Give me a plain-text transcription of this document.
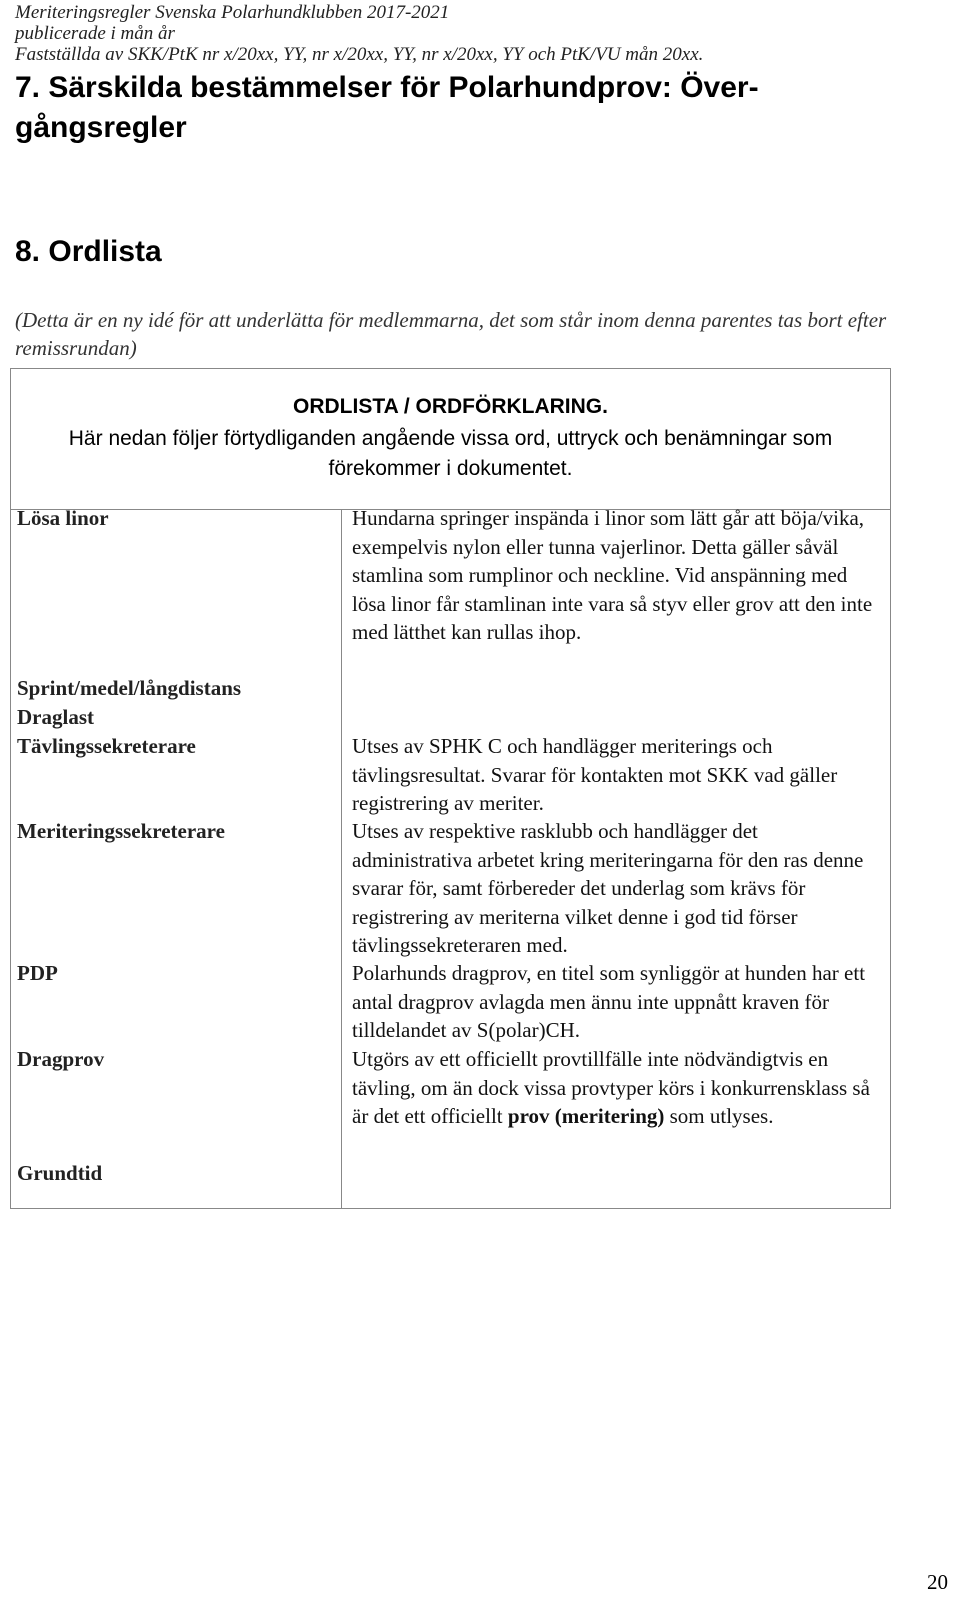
Meriteringsregler Svenska Polarhundklubben 2017-2021
publicerade i mån år
Fastställda av SKK/PtK nr x/20xx, YY, nr x/20xx, YY, nr x/20xx, YY och PtK/VU mån 20xx.
7. Särskilda bestämmelser för Polarhundprov: Över-gångsregler
8. Ordlista
(Detta är en ny idé för att underlätta för medlemmarna, det som står inom denna parentes tas bort efter remissrundan)
ORDLISTA / ORDFÖRKLARING.
Här nedan följer förtydliganden angående vissa ord, uttryck och benämningar som
förekommer i dokumentet.
Lösa linor
Sprint/medel/långdistans
Draglast
Tävlingssekreterare
Meriteringssekreterare
PDP
Dragprov
Grundtid
Hundarna springer inspända i linor som lätt går att böja/vika, exempelvis nylon eller tunna vajerlinor. Detta gäller såväl stamlina som rumplinor och neckline. Vid anspänning med lösa linor får stamlinan inte vara så styv eller grov att den inte med lätthet kan rullas ihop.
Utses av SPHK C och handlägger meriterings och tävlingsresultat. Svarar för kontakten mot SKK vad gäller registrering av meriter.
Utses av respektive rasklubb och handlägger det administrativa arbetet kring meriteringarna för den ras denne svarar för, samt förbereder det underlag som krävs för registrering av meriterna vilket denne i god tid förser tävlingssekreteraren med.
Polarhunds dragprov, en titel som synliggör at hunden har ett antal dragprov avlagda men ännu inte uppnått kraven för tilldelandet av S(polar)CH.
Utgörs av ett officiellt provtillfälle inte nödvändigtvis en tävling, om än dock vissa provtyper körs i konkurrensklass så är det ett officiellt prov (meritering) som utlyses.
20
